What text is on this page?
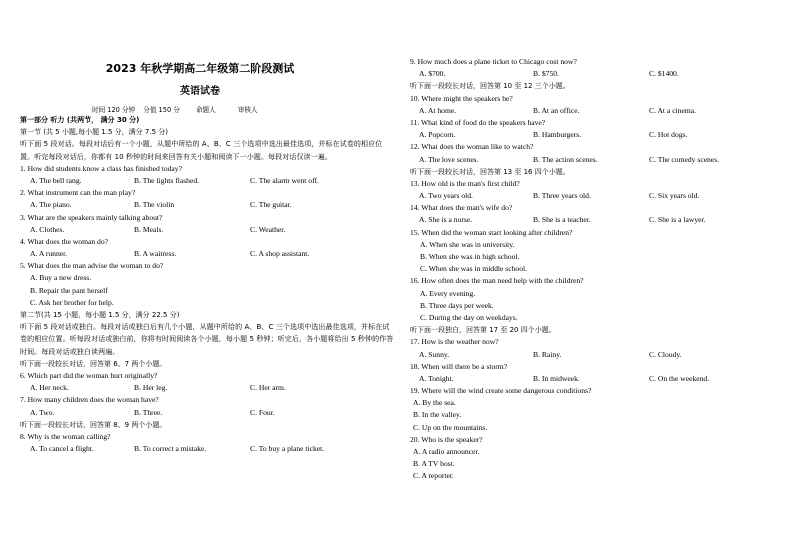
2023 年秋学期高二年级第二阶段测试
英语试卷
时间 120 分钟 分值 150 分 命题人	审核人
第一部分 听力 (共两节， 满分 30 分)
第一节 (共 5 小题,每小题 1.5 分，满分 7.5 分)
听下面 5 段对话。每段对话后有一个小题，从题中所给的 A、B、C 三个选项中选出最佳选项，并标在试卷的相应位置。听完每段对话后，你都有 10 秒钟的时间来回答有关小题和阅读下一小题。每段对话仅读一遍。
1. How did students know a class has finished today?
A. The bell rang.	B. The lights flashed.	C. The alarm went off.
2. What instrument can the man play?
A. The piano.	B. The violin	C. The guitar.
3. What are the speakers mainly talking about?
A. Clothes.	B. Meals.	C. Weather.
4. What does the woman do?
A. A runner.	B. A waitress.	C. A shop assistant.
5. What does the man advise the woman to do?
A. Buy a new dress.
B. Repair the pant herself
C. Ask her brother for help.
第二节(共 15 小题，每小题 1.5 分，满分 22.5 分)
听下面 5 段对话或独白。每段对话或独白后有几个小题，从题中所给的 A、B、C 三个选项中选出最佳选项，并标在试卷的相应位置。听每段对话或独白前，你将有时间阅读各个小题，每小题 5 秒钟；听完后，各小题将给出 5 秒钟的作答时间。每段对话或独白读两遍。
听下面一段较长对话，回答第 6、7 两个小题。
6. Which part did the woman hurt originally?
A. Her neck.	B. Her leg.	C. Her arm.
7. How many children does the woman have?
A. Two.	B. Three.	C. Four.
听下面一段较长对话，回答第 8、9 两个小题。
8. Why is the woman calling?
A. To cancel a flight.	B. To correct a mistake.	C. To buy a plane ticket.
9. How much does a plane ticket to Chicago cost now?
A. $700.	B. $750.	C. $1400.
听下面一段较长对话，回答第 10 至 12 三个小题。
10. Where might the speakers be?
A. At home.	B. At an office.	C. At a cinema.
11. What kind of food do the speakers have?
A. Popcorn.	B. Hamburgers.	C. Hot dogs.
12. What does the woman like to watch?
A. The love scenes.	B. The action scenes.	C. The comedy scenes.
听下面一段较长对话，回答第 13 至 16 四个小题。
13. How old is the man's first child?
A. Two years old.	B. Three years old.	C. Six years old.
14. What does the man's wife do?
A. She is a nurse.	B. She is a teacher.	C. She is a lawyer.
15. When did the woman start looking after children?
A. When she was in university.
B. When she was in high school.
C. When she was in middle school.
16. How often does the man need help with the children?
A. Every evening.
B. Three days per week.
C. During the day on weekdays.
听下面一段独白，回答第 17 至 20 四个小题。
17. How is the weather now?
A. Sunny.	B. Rainy.	C. Cloudy.
18. When will there be a storm?
A. Tonight.	B. In midweek.	C. On the weekend.
19. Where will the wind create some dangerous conditions?
A. By the sea.
B. In the valley.
C. Up on the mountains.
20. Who is the speaker?
A. A radio announcer.
B. A TV host.
C. A reporter.
